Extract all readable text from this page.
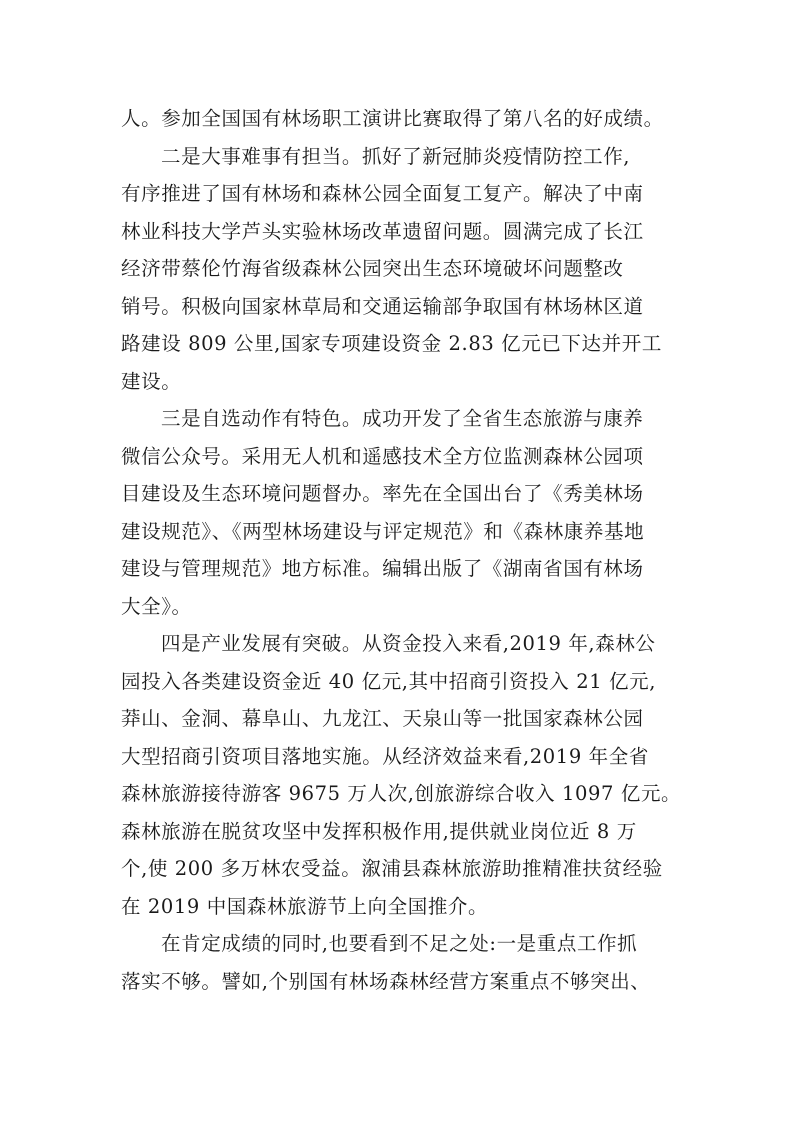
人。参加全国国有林场职工演讲比赛取得了第八名的好成绩。
二是大事难事有担当。抓好了新冠肺炎疫情防控工作,
有序推进了国有林场和森林公园全面复工复产。解决了中南
林业科技大学芦头实验林场改革遗留问题。圆满完成了长江
经济带蔡伦竹海省级森林公园突出生态环境破坏问题整改
销号。积极向国家林草局和交通运输部争取国有林场林区道
路建设 809 公里,国家专项建设资金 2.83 亿元已下达并开工
建设。
三是自选动作有特色。成功开发了全省生态旅游与康养
微信公众号。采用无人机和遥感技术全方位监测森林公园项
目建设及生态环境问题督办。率先在全国出台了《秀美林场
建设规范》、《两型林场建设与评定规范》和《森林康养基地
建设与管理规范》地方标准。编辑出版了《湖南省国有林场
大全》。
四是产业发展有突破。从资金投入来看,2019 年,森林公
园投入各类建设资金近 40 亿元,其中招商引资投入 21 亿元,
莽山、金洞、幕阜山、九龙江、天泉山等一批国家森林公园
大型招商引资项目落地实施。从经济效益来看,2019 年全省
森林旅游接待游客 9675 万人次,创旅游综合收入 1097 亿元。
森林旅游在脱贫攻坚中发挥积极作用,提供就业岗位近 8 万
个,使 200 多万林农受益。溆浦县森林旅游助推精准扶贫经验
在 2019 中国森林旅游节上向全国推介。
在肯定成绩的同时,也要看到不足之处:一是重点工作抓
落实不够。譬如,个别国有林场森林经营方案重点不够突出、
